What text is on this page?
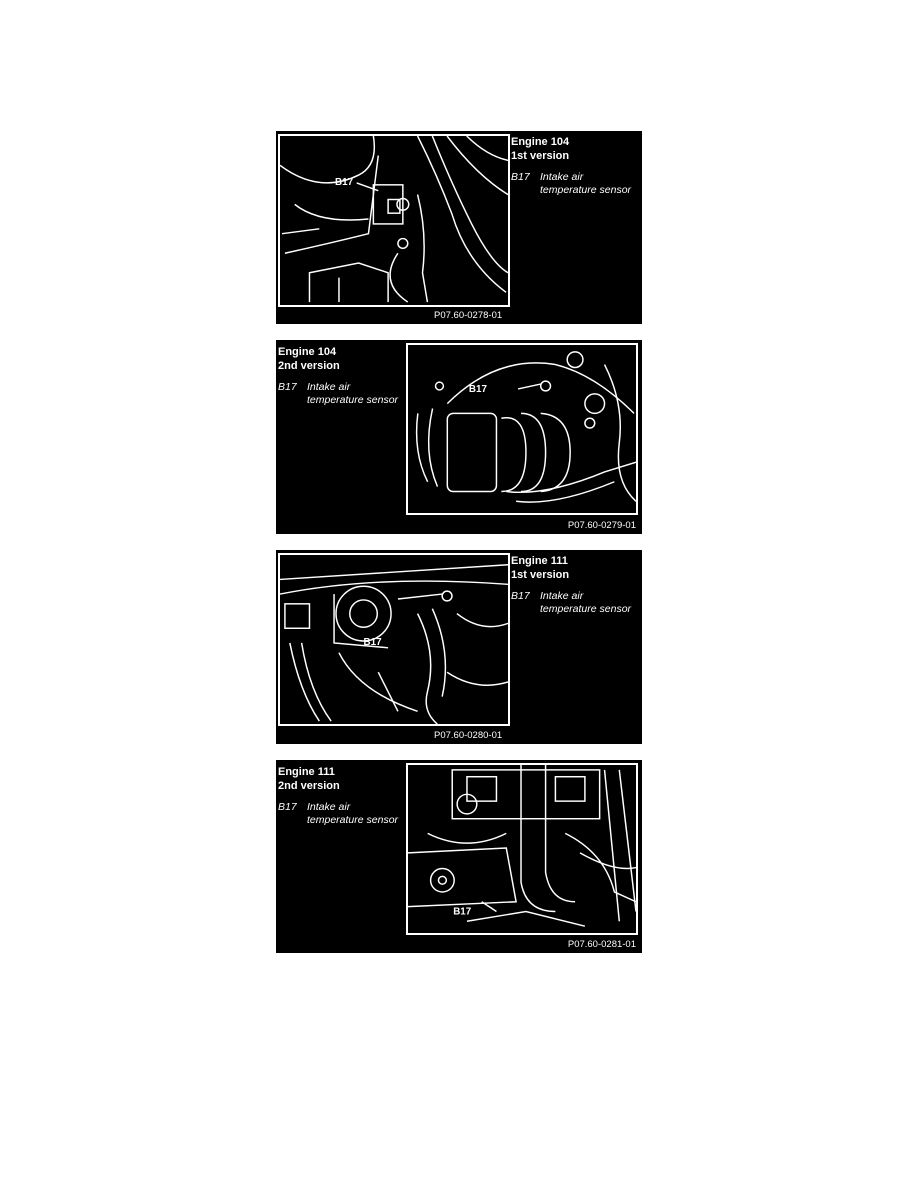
B17

Engine 104

1st version

B17 Intake air temperature sensor
P07.60-0278-01

Engine 104

2nd version

B17 Intake air temperature sensor
B17
P07.60-0279-01
B17

Engine 111

1st version

B17 Intake air temperature sensor
P07.60-0280-01

Engine 111

2nd version

B17 Intake air temperature sensor
B17
P07.60-0281-01
